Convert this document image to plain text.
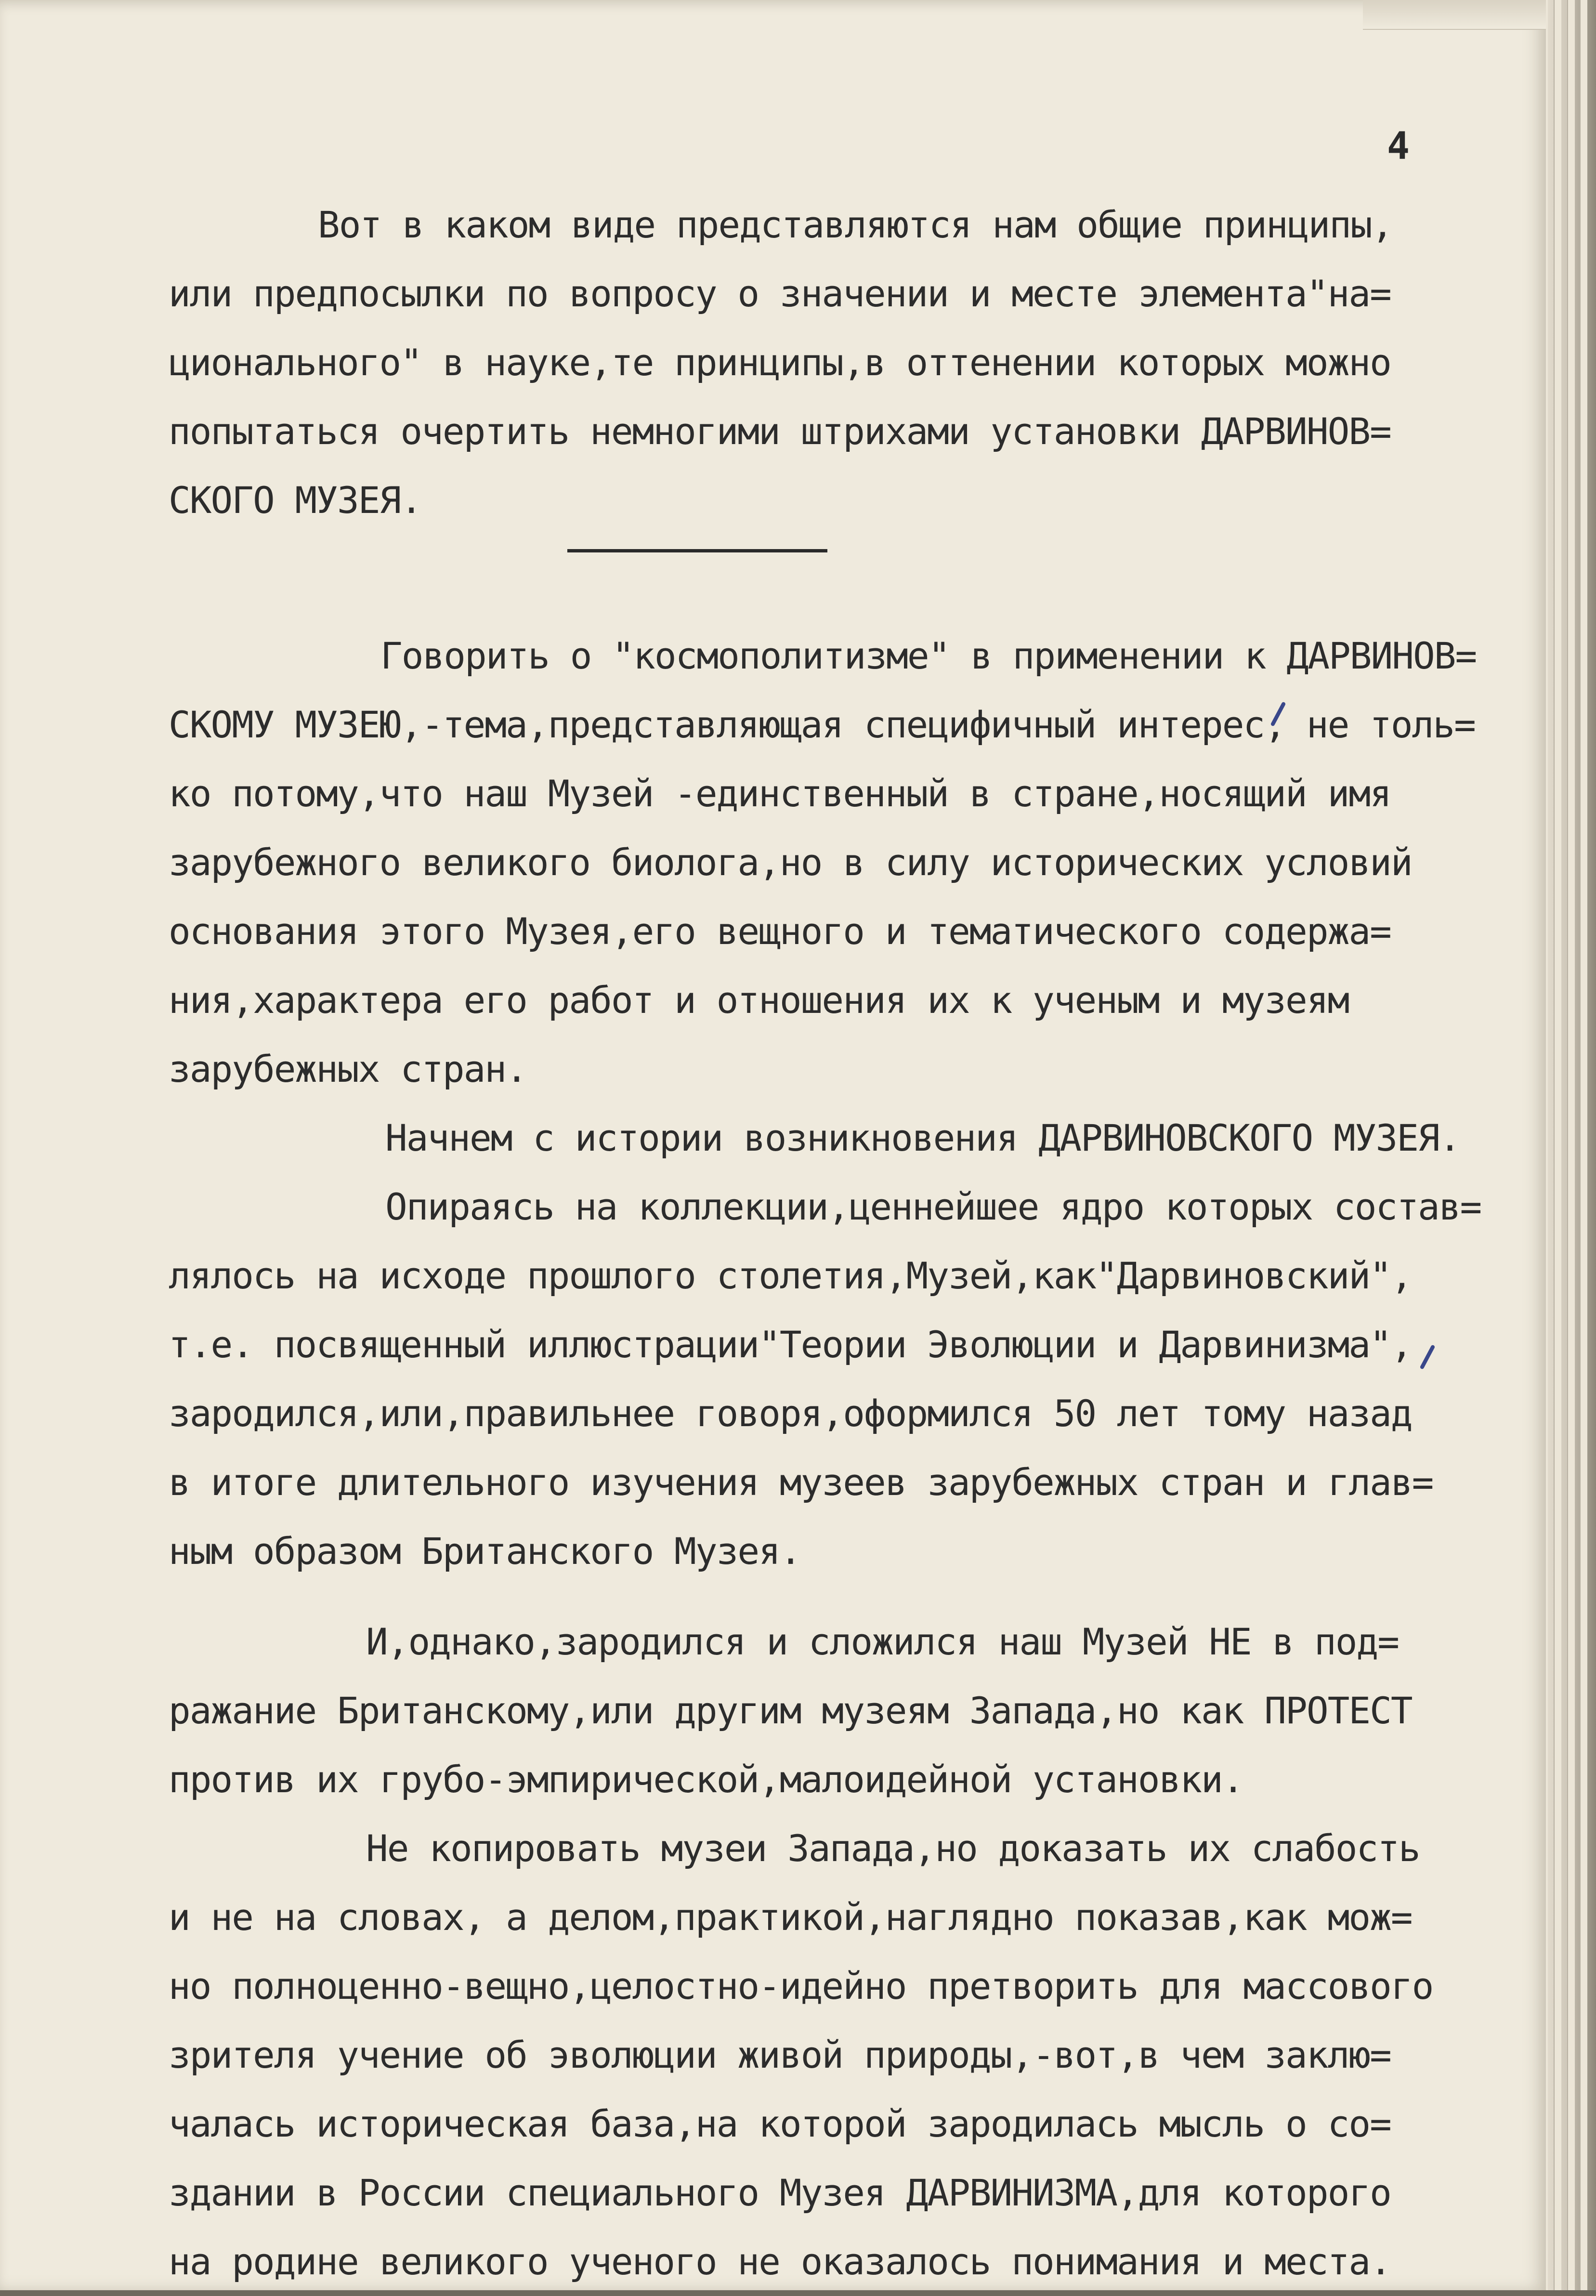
4
Вот в каком виде представляются нам общие принципы,
или предпосылки по вопросу о значении и месте элемента"на=
ционального" в науке,те принципы,в оттенении которых можно
попытаться очертить немногими штрихами установки ДАРВИНОВ=
СКОГО МУЗЕЯ.
Говорить о "космополитизме" в применении к ДАРВИНОВ=
СКОМУ МУЗЕЮ,-тема,представляющая специфичный интерес, не толь=
ко потому,что наш Музей -единственный в стране,носящий имя
зарубежного великого биолога,но в силу исторических условий
основания этого Музея,его вещного и тематического содержа=
ния,характера его работ и отношения их к ученым и музеям
зарубежных стран.
Начнем с истории возникновения ДАРВИНОВСКОГО МУЗЕЯ.
Опираясь на коллекции,ценнейшее ядро которых состав=
лялось на исходе прошлого столетия,Музей,как"Дарвиновский",
т.е. посвященный иллюстрации"Теории Эволюции и Дарвинизма",
зародился,или,правильнее говоря,оформился 50 лет тому назад
в итоге длительного изучения музеев зарубежных стран и глав=
ным образом Британского Музея.
И,однако,зародился и сложился наш Музей НЕ в под=
ражание Британскому,или другим музеям Запада,но как ПРОТЕСТ
против их грубо-эмпирической,малоидейной установки.
Не копировать музеи Запада,но доказать их слабость
и не на словах, а делом,практикой,наглядно показав,как мож=
но полноценно-вещно,целостно-идейно претворить для массового
зрителя учение об эволюции живой природы,-вот,в чем заклю=
чалась историческая база,на которой зародилась мысль о со=
здании в России специального Музея ДАРВИНИЗМА,для которого
на родине великого ученого не оказалось понимания и места.
